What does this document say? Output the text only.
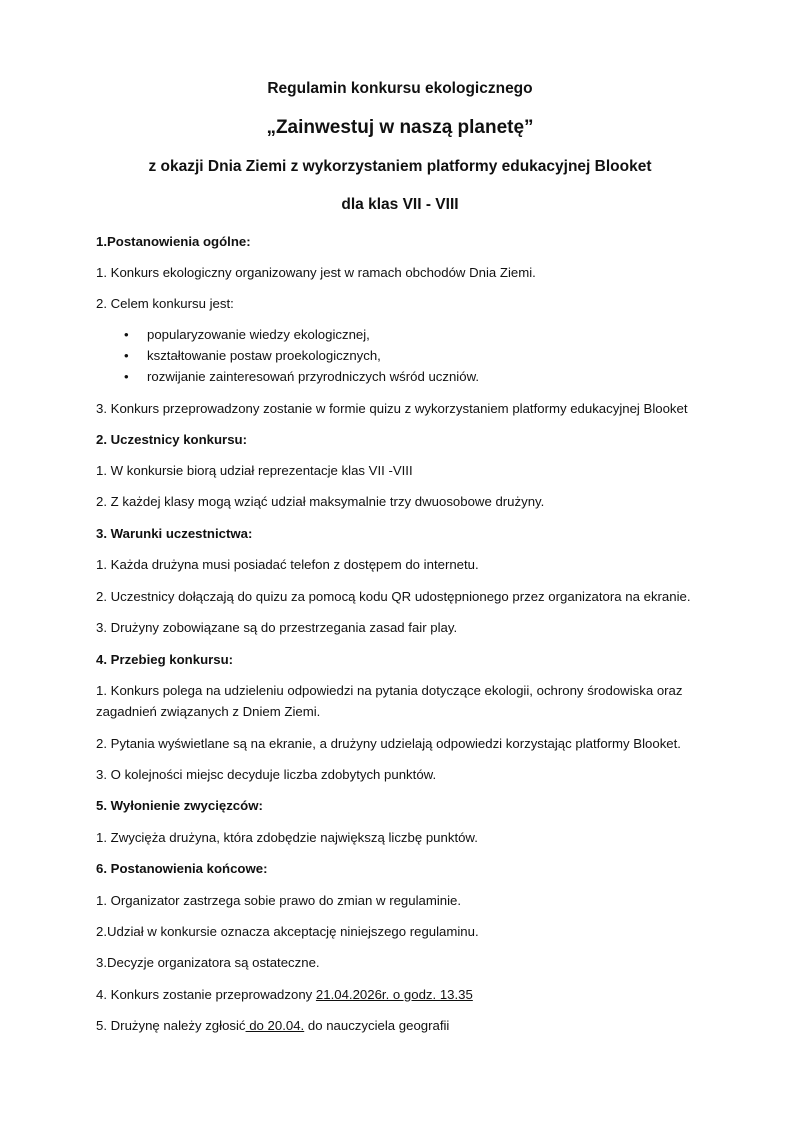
Regulamin konkursu ekologicznego
„Zainwestuj w naszą planetę”
z okazji Dnia Ziemi z wykorzystaniem platformy edukacyjnej Blooket
dla klas VII - VIII
1.Postanowienia ogólne:
1. Konkurs ekologiczny organizowany jest w ramach obchodów Dnia Ziemi.
2. Celem konkursu jest:
• popularyzowanie wiedzy ekologicznej,
• kształtowanie postaw proekologicznych,
• rozwijanie zainteresowań przyrodniczych wśród uczniów.
3. Konkurs przeprowadzony zostanie w formie quizu z wykorzystaniem platformy edukacyjnej Blooket
2. Uczestnicy konkursu:
1. W konkursie biorą udział reprezentacje klas VII -VIII
2. Z każdej klasy mogą wziąć udział maksymalnie trzy dwuosobowe drużyny.
3. Warunki uczestnictwa:
1. Każda drużyna musi posiadać telefon z dostępem do internetu.
2. Uczestnicy dołączają do quizu za pomocą kodu QR udostępnionego przez organizatora na ekranie.
3. Drużyny zobowiązane są do przestrzegania zasad fair play.
4. Przebieg konkursu:
1. Konkurs polega na udzieleniu odpowiedzi na pytania dotyczące ekologii, ochrony środowiska oraz
zagadnień związanych z Dniem Ziemi.
2. Pytania wyświetlane są na ekranie, a drużyny udzielają odpowiedzi korzystając platformy Blooket.
3. O kolejności miejsc decyduje liczba zdobytych punktów.
5. Wyłonienie zwycięzców:
1. Zwycięża drużyna, która zdobędzie największą liczbę punktów.
6. Postanowienia końcowe:
1. Organizator zastrzega sobie prawo do zmian w regulaminie.
2.Udział w konkursie oznacza akceptację niniejszego regulaminu.
3.Decyzje organizatora są ostateczne.
4. Konkurs zostanie przeprowadzony 21.04.2026r. o godz. 13.35
5. Drużynę należy zgłosić do 20.04. do nauczyciela geografii
